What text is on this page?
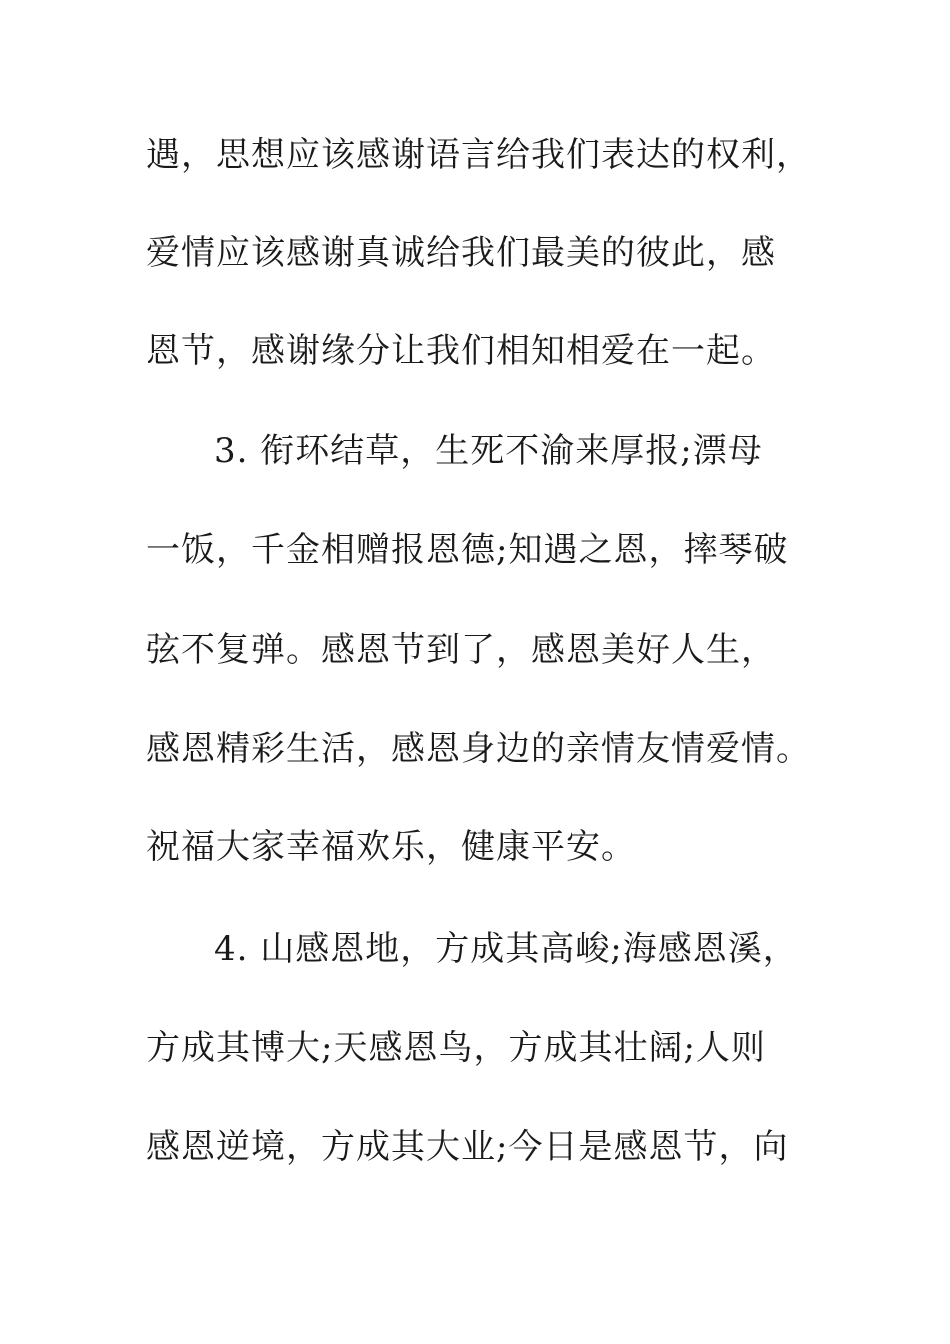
遇，思想应该感谢语言给我们表达的权利，
爱情应该感谢真诚给我们最美的彼此，感
恩节，感谢缘分让我们相知相爱在一起。
3. 衔环结草，生死不渝来厚报;漂母
一饭，千金相赠报恩德;知遇之恩，摔琴破
弦不复弹。感恩节到了，感恩美好人生，
感恩精彩生活，感恩身边的亲情友情爱情。
祝福大家幸福欢乐，健康平安。
4. 山感恩地，方成其高峻;海感恩溪，
方成其博大;天感恩鸟，方成其壮阔;人则
感恩逆境，方成其大业;今日是感恩节，向
